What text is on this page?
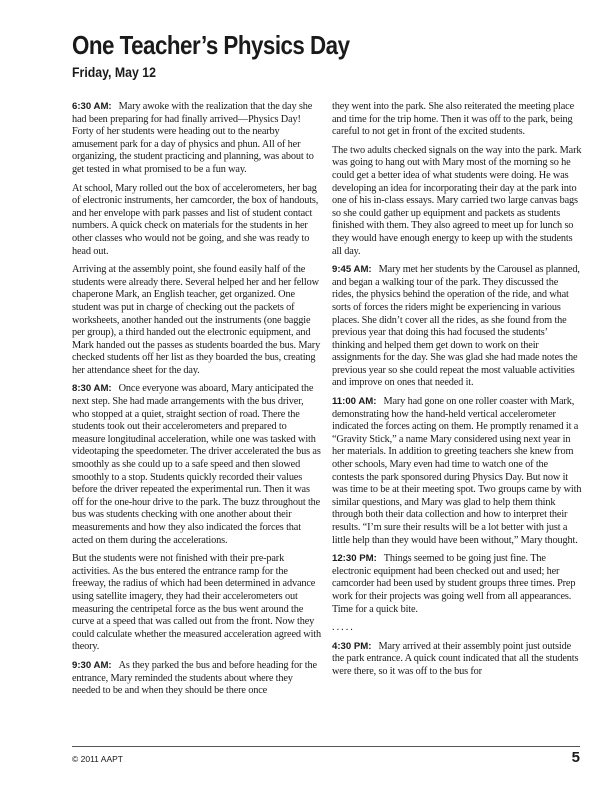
One Teacher’s Physics Day
Friday, May 12

6:30 AM: Mary awoke with the realization that the day she had been preparing for had finally arrived—Physics Day! Forty of her students were heading out to the nearby amusement park for a day of physics and phun. All of her organizing, the student practicing and planning, was about to get tested in what promised to be a fun way.

At school, Mary rolled out the box of accelerometers, her bag of electronic instruments, her camcorder, the box of handouts, and her envelope with park passes and list of student contact numbers. A quick check on materials for the students in her other classes who would not be going, and she was ready to head out.

Arriving at the assembly point, she found easily half of the students were already there. Several helped her and her fellow chaperone Mark, an English teacher, get organized. One student was put in charge of checking out the packets of worksheets, another handed out the instruments (one baggie per group), a third handed out the electronic equipment, and Mark handed out the passes as students boarded the bus. Mary checked students off her list as they boarded the bus, creating her attendance sheet for the day.

8:30 AM: Once everyone was aboard, Mary anticipated the next step. She had made arrangements with the bus driver, who stopped at a quiet, straight section of road. There the students took out their accelerometers and prepared to measure longitudinal acceleration, while one was tasked with videotaping the speedometer. The driver accelerated the bus as smoothly as she could up to a safe speed and then slowed smoothly to a stop. Students quickly recorded their values before the driver repeated the experimental run. Then it was off for the one-hour drive to the park. The buzz throughout the bus was students checking with one another about their measurements and how they also indicated the forces that acted on them during the accelerations.

But the students were not finished with their pre-park activities. As the bus entered the entrance ramp for the freeway, the radius of which had been determined in advance using satellite imagery, they had their accelerometers out measuring the centripetal force as the bus went around the curve at a speed that was called out from the front. Now they could calculate whether the measured acceleration agreed with theory.

9:30 AM: As they parked the bus and before heading for the entrance, Mary reminded the students about where they needed to be and when they should be there once

they went into the park. She also reiterated the meeting place and time for the trip home. Then it was off to the park, being careful to not get in front of the excited students.

The two adults checked signals on the way into the park. Mark was going to hang out with Mary most of the morning so he could get a better idea of what students were doing. He was developing an idea for incorporating their day at the park into one of his in-class essays. Mary carried two large canvas bags so she could gather up equipment and packets as students finished with them. They also agreed to meet up for lunch so they would have enough energy to keep up with the students all day.

9:45 AM: Mary met her students by the Carousel as planned, and began a walking tour of the park. They discussed the rides, the physics behind the operation of the ride, and what sorts of forces the riders might be experiencing in various places. She didn’t cover all the rides, as she found from the previous year that doing this had focused the students’ thinking and helped them get down to work on their assignments for the day. She was glad she had made notes the previous year so she could repeat the most valuable activities and improve on ones that needed it.

11:00 AM: Mary had gone on one roller coaster with Mark, demonstrating how the hand-held vertical accelerometer indicated the forces acting on them. He promptly renamed it a “Gravity Stick,” a name Mary considered using next year in her materials. In addition to greeting teachers she knew from other schools, Mary even had time to watch one of the contests the park sponsored during Physics Day. But now it was time to be at their meeting spot. Two groups came by with similar questions, and Mary was glad to help them think through both their data collection and how to interpret their results. “I’m sure their results will be a lot better with just a little help than they would have been without,” Mary thought.

12:30 PM: Things seemed to be going just fine. The electronic equipment had been checked out and used; her camcorder had been used by student groups three times. Prep work for their projects was going well from all appearances. Time for a quick bite.

.....

4:30 PM: Mary arrived at their assembly point just outside the park entrance. A quick count indicated that all the students were there, so it was off to the bus for

© 2011 AAPT	5
